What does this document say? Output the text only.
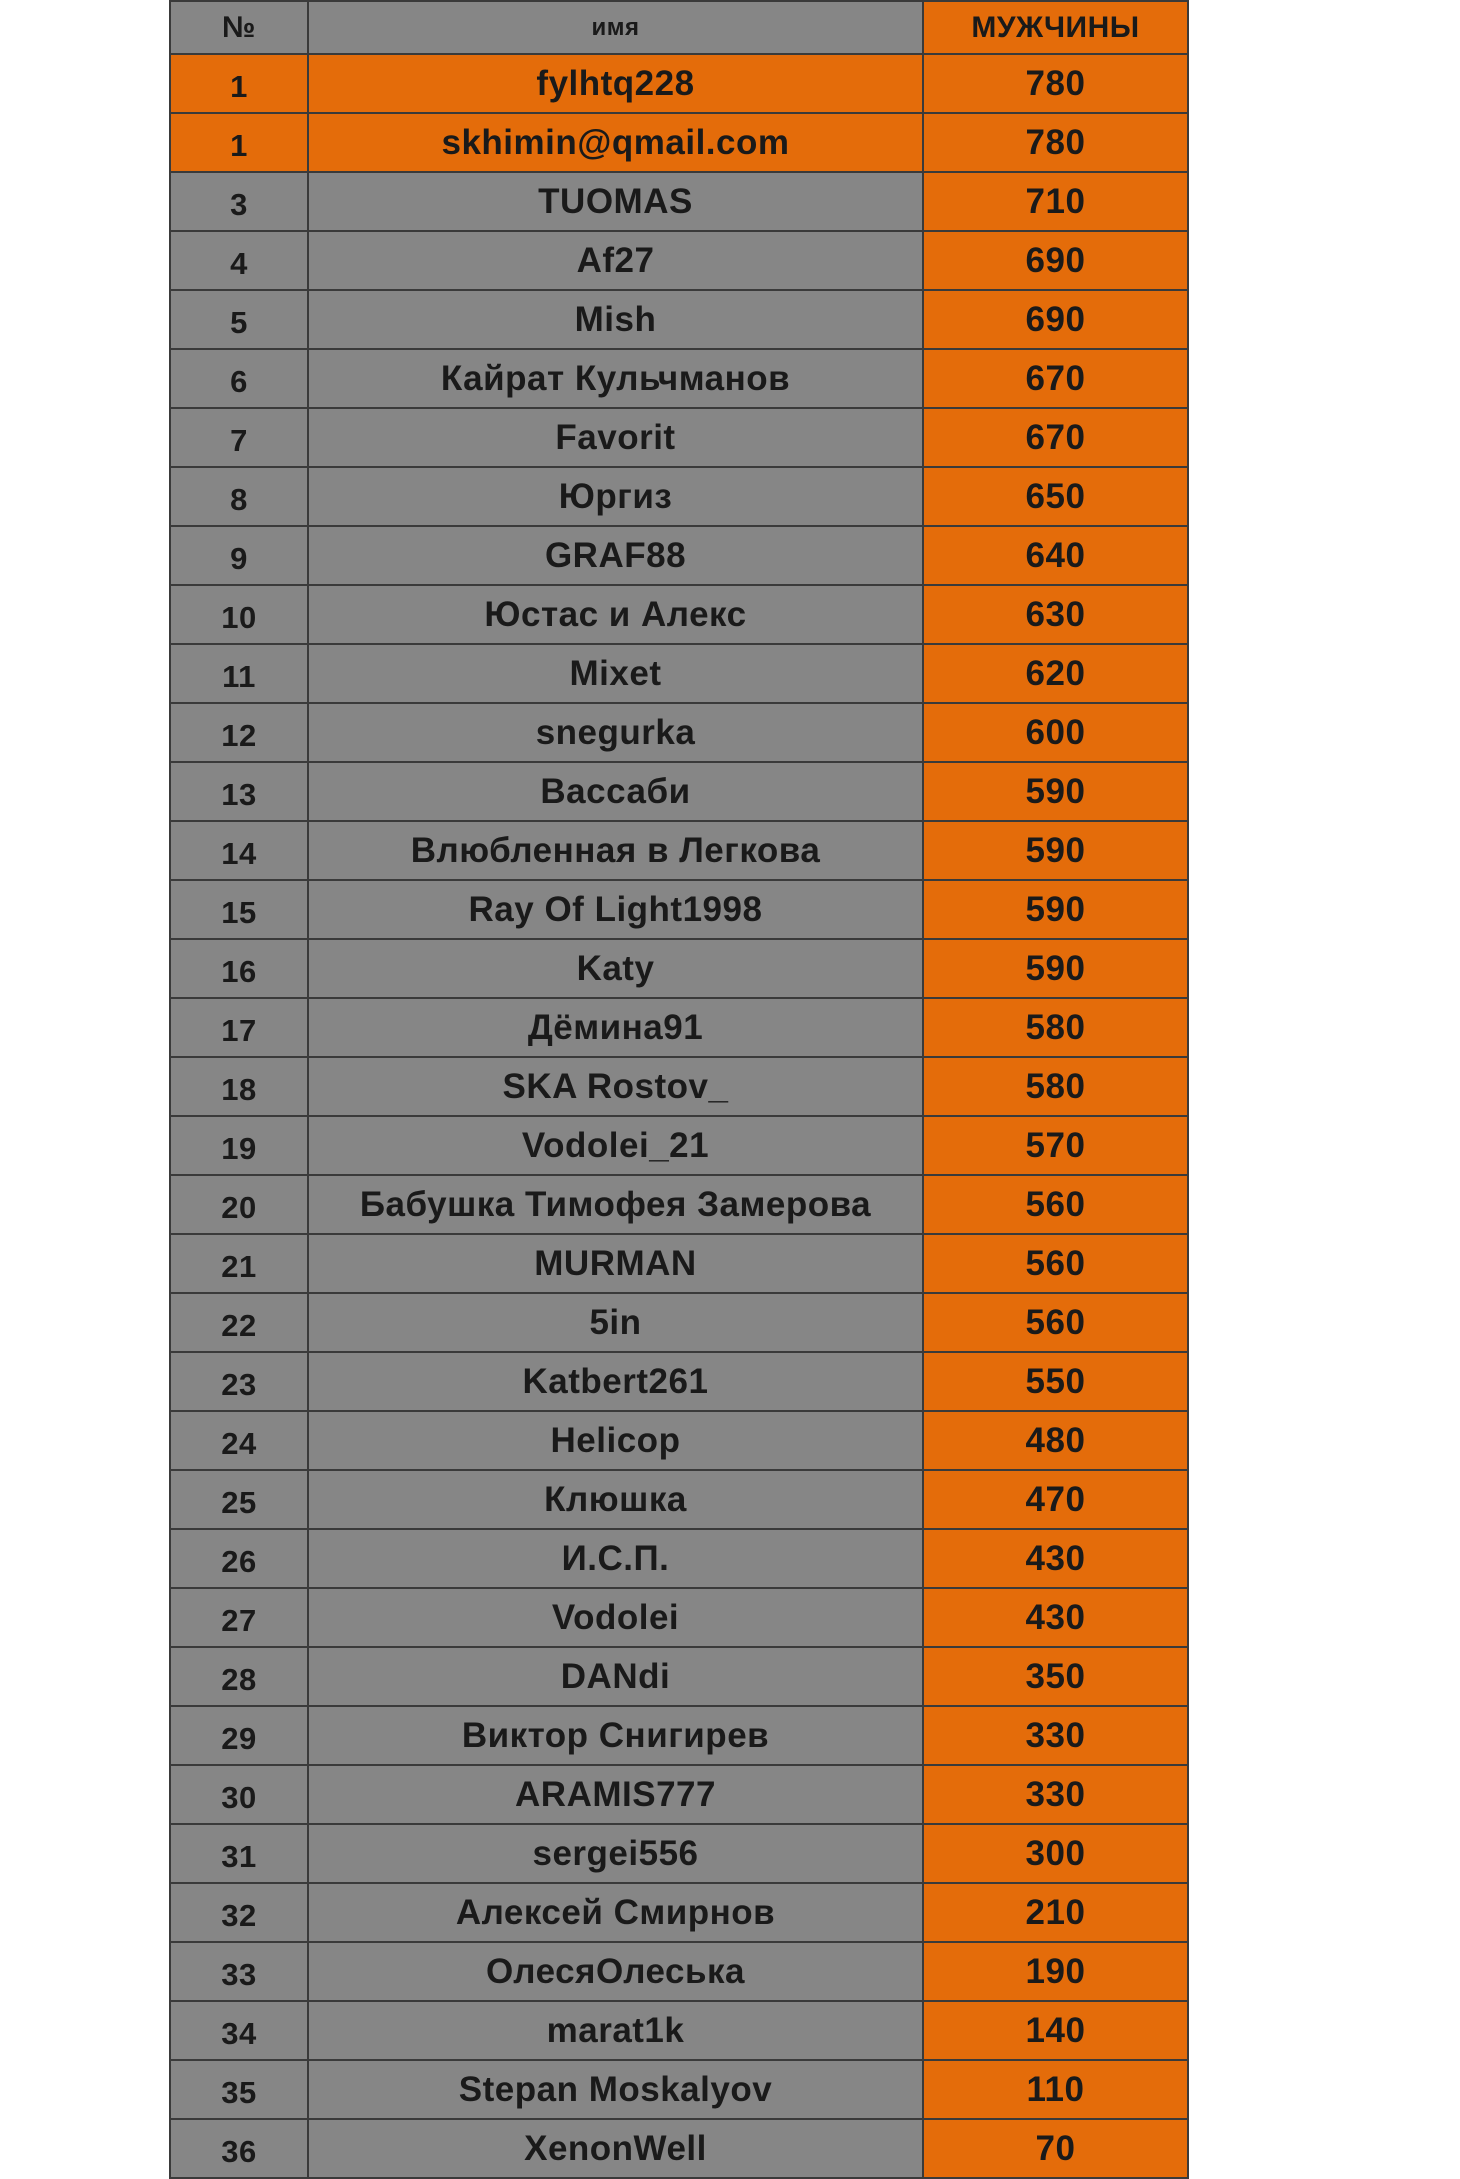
№	имя	МУЖЧИНЫ
1	fylhtq228	780
1	skhimin@qmail.com	780
3	TUOMAS	710
4	Af27	690
5	Mish	690
6	Кайрат Кульчманов	670
7	Favorit	670
8	Юргиз	650
9	GRAF88	640
10	Юстас и Алекс	630
11	Mixet	620
12	snegurka	600
13	Вассаби	590
14	Влюбленная в Легкова	590
15	Ray Of Light1998	590
16	Katy	590
17	Дёмина91	580
18	SKA Rostov_	580
19	Vodolei_21	570
20	Бабушка Тимофея Замерова	560
21	MURMAN	560
22	5in	560
23	Katbert261	550
24	Helicop	480
25	Клюшка	470
26	И.С.П.	430
27	Vodolei	430
28	DANdi	350
29	Виктор Снигирев	330
30	ARAMIS777	330
31	sergei556	300
32	Алексей Смирнов	210
33	ОлесяОлеська	190
34	marat1k	140
35	Stepan Moskalyov	110
36	XenonWell	70
